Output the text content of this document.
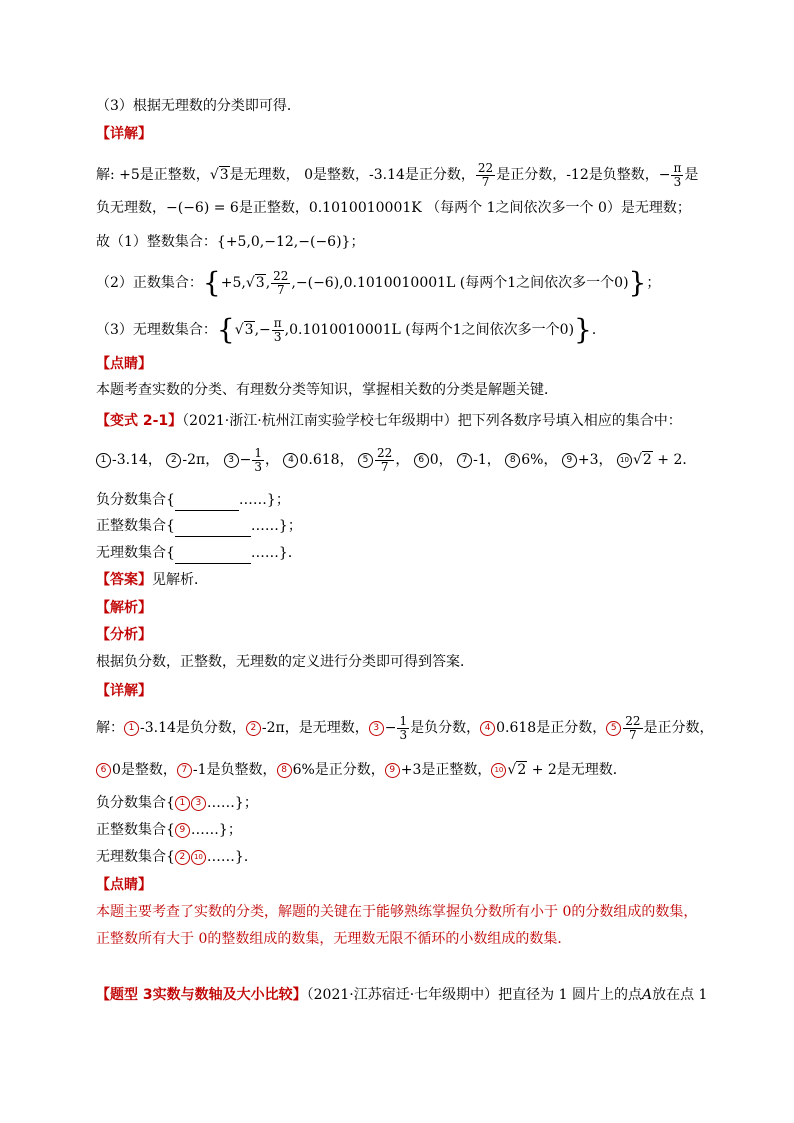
（3）根据无理数的分类即可得．
【详解】
解: +5是正整数，√3是无理数， 0是整数，-3.14是正分数， $\frac{22}{7}$ 是正分数，-12是负整数，− $\frac{\pi}{3}$ 是
负无理数，−(−6) = 6是正整数，0.1010010001K （每两个 1之间依次多一个 0）是无理数；
故（1）整数集合：{+5,0,−12,−(−6)}；
（2）正数集合：{+5,√3, $\frac{22}{7} ,-(-6),0.1010010001L$ (每两个1之间依次多一个0)}；
（3）无理数集合：{$√3,- \frac{\pi}{3} ,0.1010010001L$ (每两个1之间依次多一个0)}．
【点睛】
本题考查实数的分类、有理数分类等知识，掌握相关数的分类是解题关键．
【变式 2-1】（2021·浙江·杭州江南实验学校七年级期中）把下列各数序号填入相应的集合中：
1 -3.14， 2 -2π， $3 - \frac{1}{3}$ ， 4 0.618， $5 \frac{22}{7}$ ， 6 0， 7 -1， 8 6%， 9 +3， 10 √2 + 2．
负分数集合{	……}；
正整数集合{	……}；
无理数集合{	……}．
【答案】见解析．
【解析】
【分析】
根据负分数，正整数，无理数的定义进行分类即可得到答案．
【详解】
解： 1 -3.14是负分数， 2 -2π，是无理数， $3 - \frac{1}{3}$ 是负分数， 4 0.618是正分数， $5 \frac{22}{7}$ 是正分数，
6 0是整数， 7 -1是负整数， 8 6%是正分数， 9 +3是正整数， 10 √2 + 2是无理数．
负分数集合{ 1 3 ……}；
正整数集合{ 9 ……}；
无理数集合{ 2 10 ……}．
【点睛】
本题主要考查了实数的分类，解题的关键在于能够熟练掌握负分数所有小于 0的分数组成的数集，
正整数所有大于 0的整数组成的数集，无理数无限不循环的小数组成的数集．
【题型 3实数与数轴及大小比较】（2021·江苏宿迁·七年级期中）把直径为 1 圆片上的点A放在点 1
